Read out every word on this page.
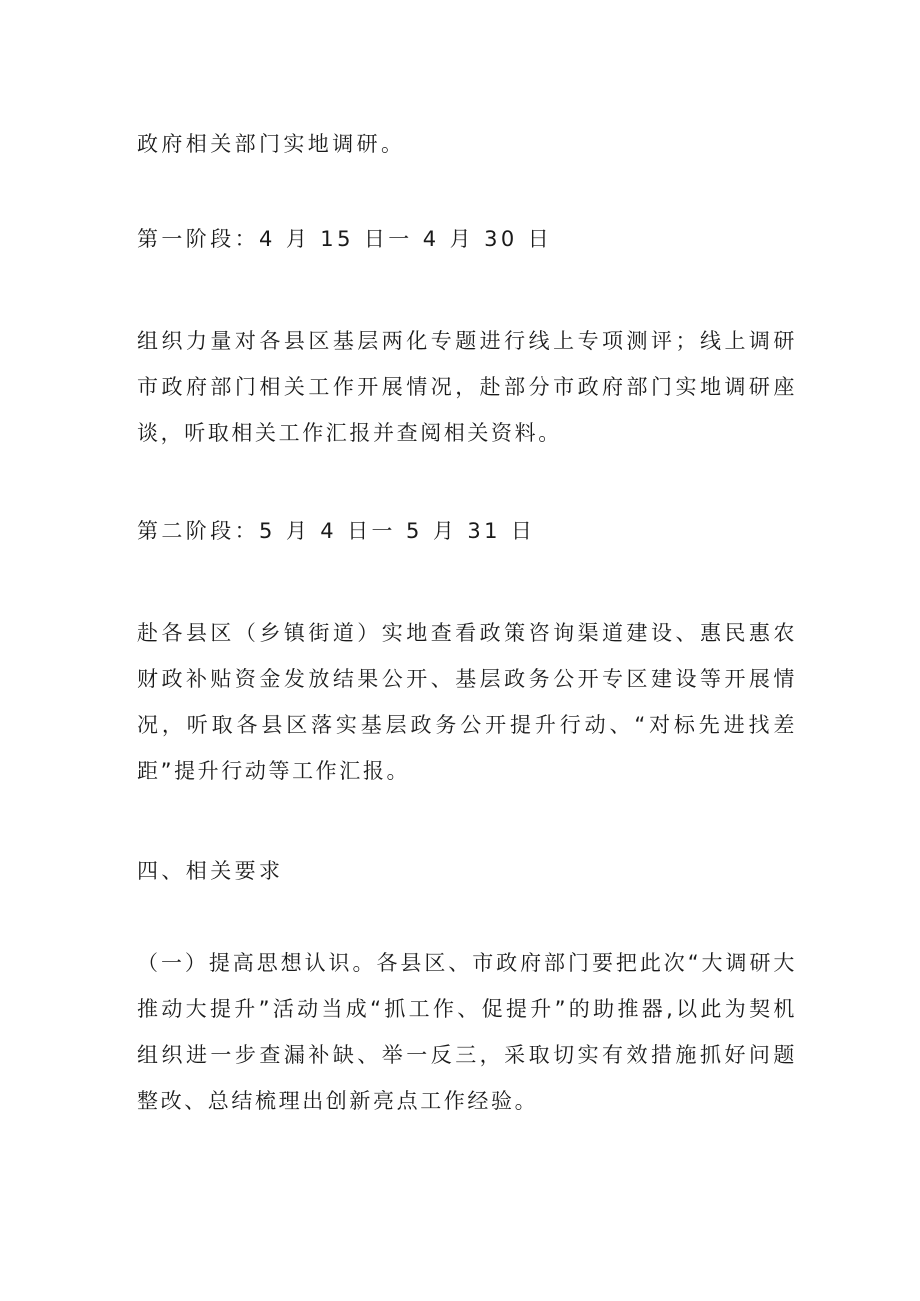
政府相关部门实地调研。
第一阶段：4 月 15 日一 4 月 30 日
组织力量对各县区基层两化专题进行线上专项测评；线上调研市政府部门相关工作开展情况，赴部分市政府部门实地调研座谈，听取相关工作汇报并查阅相关资料。
第二阶段：5 月 4 日一 5 月 31 日
赴各县区（乡镇街道）实地查看政策咨询渠道建设、惠民惠农财政补贴资金发放结果公开、基层政务公开专区建设等开展情况，听取各县区落实基层政务公开提升行动、“对标先进找差距”提升行动等工作汇报。
四、相关要求
（一）提高思想认识。各县区、市政府部门要把此次“大调研大推动大提升”活动当成“抓工作、促提升”的助推器,以此为契机组织进一步查漏补缺、举一反三，采取切实有效措施抓好问题整改、总结梳理出创新亮点工作经验。
